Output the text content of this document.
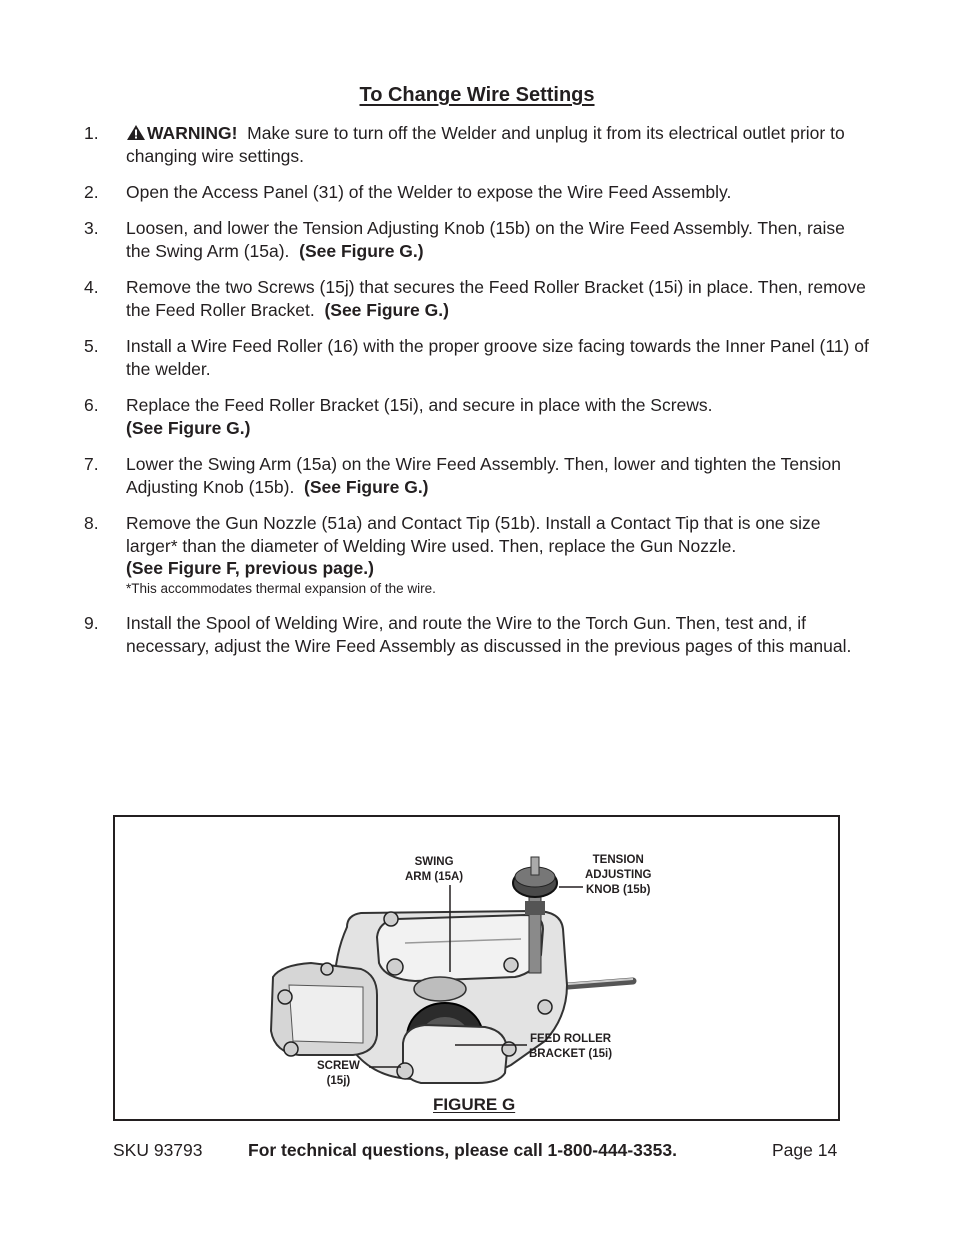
To Change Wire Settings
1.	WARNING! Make sure to turn off the Welder and unplug it from its electrical outlet prior to changing wire settings.
2.	Open the Access Panel (31) of the Welder to expose the Wire Feed Assembly.
3.	Loosen, and lower the Tension Adjusting Knob (15b) on the Wire Feed Assembly. Then, raise the Swing Arm (15a). (See Figure G.)
4.	Remove the two Screws (15j) that secures the Feed Roller Bracket (15i) in place. Then, remove the Feed Roller Bracket. (See Figure G.)
5.	Install a Wire Feed Roller (16) with the proper groove size facing towards the Inner Panel (11) of the welder.
6.	Replace the Feed Roller Bracket (15i), and secure in place with the Screws.
(See Figure G.)
7.	Lower the Swing Arm (15a) on the Wire Feed Assembly. Then, lower and tighten the Tension Adjusting Knob (15b). (See Figure G.)
8.	Remove the Gun Nozzle (51a) and Contact Tip (51b). Install a Contact Tip that is one size larger* than the diameter of Welding Wire used. Then, replace the Gun Nozzle.
(See Figure F, previous page.)
*This accommodates thermal expansion of the wire.
9.	Install the Spool of Welding Wire, and route the Wire to the Torch Gun. Then, test and, if necessary, adjust the Wire Feed Assembly as discussed in the previous pages of this manual.
SWING
ARM (15A)
TENSION
ADJUSTING
KNOB (15b)
FEED ROLLER
BRACKET (15i)
SCREW
(15j)
FIGURE G
SKU 93793	For technical questions, please call 1-800-444-3353.	Page 14
